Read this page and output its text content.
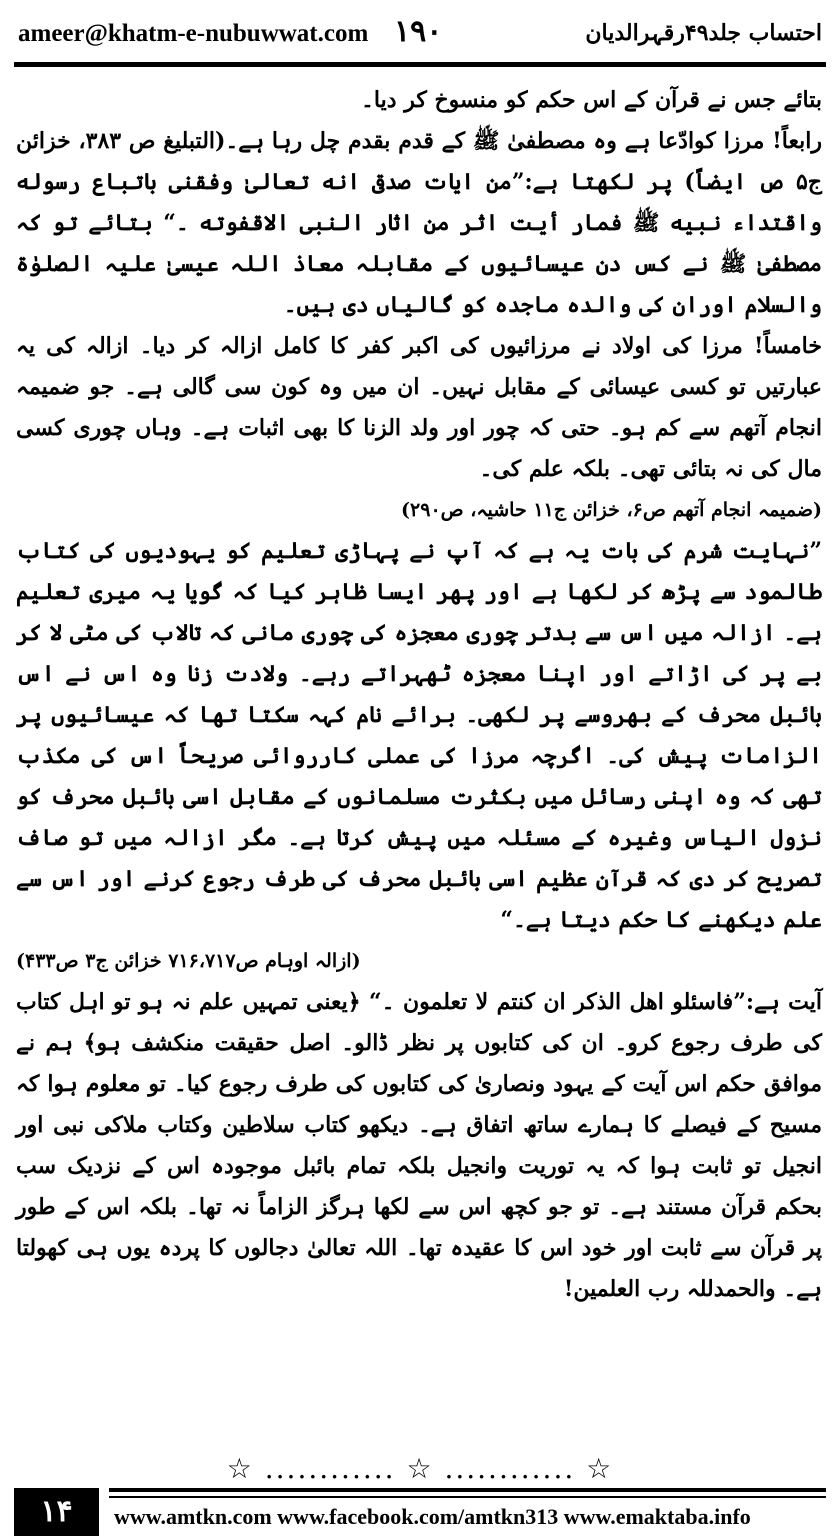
ameer@khatm-e-nubuwwat.com ۱۹۰	احتساب جلد۴۹رقہرالدیان

بتائے جس نے قرآن کے اس حکم کو منسوخ کر دیا۔

رابعاً! مرزا کوادّعا ہے وہ مصطفیٰ ﷺ کے قدم بقدم چل رہا ہے۔(التبلیغ ص ۳۸۳، خزائن ج۵ ص ایضاً) پر لکھتا ہے:”من ایات صدقی انه تعالیٰ وفقنی باتباع رسوله واقتداء نبیه ﷺ فمار أیت اثر من اثار النبی الاقفوته ۔“ بتائے تو کہ مصطفیٰ ﷺ نے کس دن عیسائیوں کے مقابلہ معاذ اللہ عیسیٰ علیہ الصلوٰۃ والسلام اوران کی والدہ ماجدہ کو گالیاں دی ہیں۔

خامساً! مرزا کی اولاد نے مرزائیوں کی اکبر کفر کا کامل ازالہ کر دیا۔ ازالہ کی یہ عبارتیں تو کسی عیسائی کے مقابل نہیں۔ ان میں وہ کون سی گالی ہے۔ جو ضمیمہ انجام آتھم سے کم ہو۔ حتی کہ چور اور ولد الزنا کا بھی اثبات ہے۔ وہاں چوری کسی مال کی نہ بتائی تھی۔ بلکہ علم کی۔

(ضمیمہ انجام آتھم ص۶، خزائن ج۱۱ حاشیہ، ص۲۹۰)

”نہایت شرم کی بات یہ ہے کہ آپ نے پہاڑی تعلیم کو یہودیوں کی کتاب طالمود سے پڑھ کر لکھا ہے اور پھر ایسا ظاہر کیا کہ گویا یہ میری تعلیم ہے۔ ازالہ میں اس سے بدتر چوری معجزہ کی چوری مانی کہ تالاب کی مٹی لا کر بے پر کی اڑاتے اور اپنا معجزہ ٹھہراتے رہے۔ ولادت زنا وہ اس نے اس بائبل محرف کے بھروسے پر لکھی۔ برائے نام کہہ سکتا تھا کہ عیسائیوں پر الزامات پیش کی۔ اگرچہ مرزا کی عملی کارروائی صریحاً اس کی مکذب تھی کہ وہ اپنی رسائل میں بکثرت مسلمانوں کے مقابل اسی بائبل محرف کو نزول الیاس وغیرہ کے مسئلہ میں پیش کرتا ہے۔ مگر ازالہ میں تو صاف تصریح کر دی کہ قرآن عظیم اسی بائبل محرف کی طرف رجوع کرنے اور اس سے علم دیکھنے کا حکم دیتا ہے۔“

(ازالہ اوہام ص۷۱۶،۷۱۷ خزائن ج۳ ص۴۳۳)

آیت ہے:”فاسئلو اهل الذکر ان کنتم لا تعلمون ۔“ ﴿یعنی تمہیں علم نہ ہو تو اہل کتاب کی طرف رجوع کرو۔ ان کی کتابوں پر نظر ڈالو۔ اصل حقیقت منکشف ہو﴾ ہم نے موافق حکم اس آیت کے یہود ونصاریٰ کی کتابوں کی طرف رجوع کیا۔ تو معلوم ہوا کہ مسیح کے فیصلے کا ہمارے ساتھ اتفاق ہے۔ دیکھو کتاب سلاطین وکتاب ملاکی نبی اور انجیل تو ثابت ہوا کہ یہ توریت وانجیل بلکہ تمام بائبل موجودہ اس کے نزدیک سب بحکم قرآن مستند ہے۔ تو جو کچھ اس سے لکھا ہرگز الزاماً نہ تھا۔ بلکہ اس کے طور پر قرآن سے ثابت اور خود اس کا عقیدہ تھا۔ اللہ تعالیٰ دجالوں کا پردہ یوں ہی کھولتا ہے۔ والحمدللہ رب العلمین!

☆ ............ ☆ ............ ☆
۱۴	www.amtkn.com www.facebook.com/amtkn313 www.emaktaba.info
